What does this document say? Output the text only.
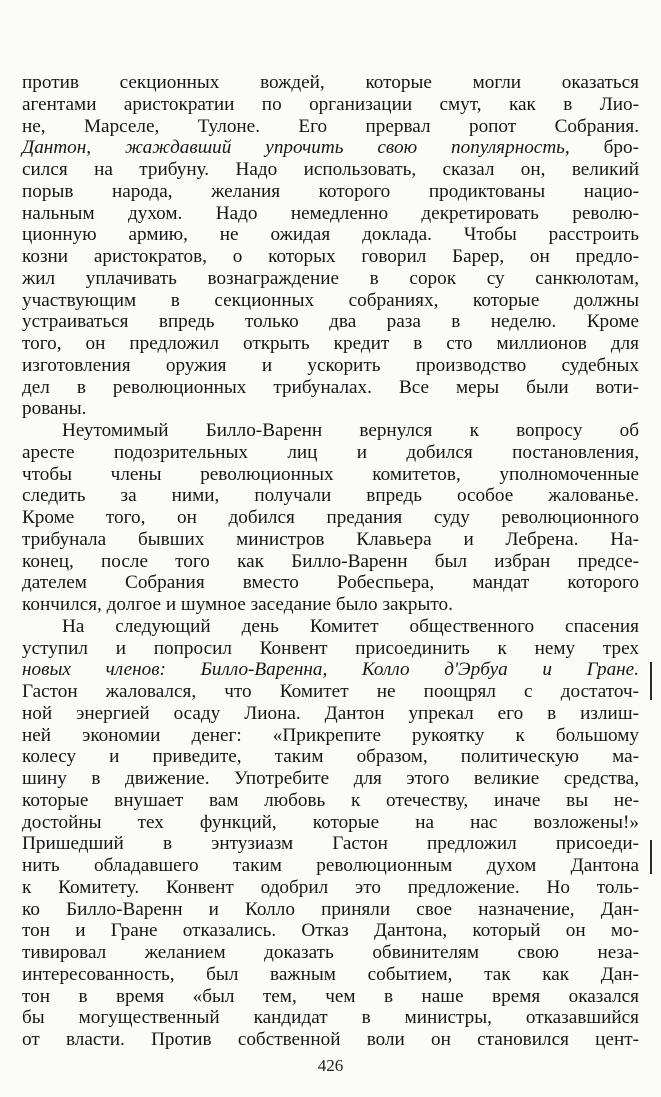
против секционных вождей, которые могли оказаться
агентами аристократии по организации смут, как в Лио-
не, Марселе, Тулоне. Его прервал ропот Собрания.
Дантон, жаждавший упрочить свою популярность, бро-
сился на трибуну. Надо использовать, сказал он, великий
порыв народа, желания которого продиктованы нацио-
нальным духом. Надо немедленно декретировать револю-
ционную армию, не ожидая доклада. Чтобы расстроить
козни аристократов, о которых говорил Барер, он предло-
жил уплачивать вознаграждение в сорок су санкюлотам,
участвующим в секционных собраниях, которые должны
устраиваться впредь только два раза в неделю. Кроме
того, он предложил открыть кредит в сто миллионов для
изготовления оружия и ускорить производство судебных
дел в революционных трибуналах. Все меры были воти-
рованы.
Неутомимый Билло-Варенн вернулся к вопросу об
аресте подозрительных лиц и добился постановления,
чтобы члены революционных комитетов, уполномоченные
следить за ними, получали впредь особое жалованье.
Кроме того, он добился предания суду революционного
трибунала бывших министров Клавьера и Лебрена. На-
конец, после того как Билло-Варенн был избран предсе-
дателем Собрания вместо Робеспьера, мандат которого
кончился, долгое и шумное заседание было закрыто.
На следующий день Комитет общественного спасения
уступил и попросил Конвент присоединить к нему трех
новых членов: Билло-Варенна, Колло д'Эрбуа и Гране.
Гастон жаловался, что Комитет не поощрял с достаточ-
ной энергией осаду Лиона. Дантон упрекал его в излиш-
ней экономии денег: «Прикрепите рукоятку к большому
колесу и приведите, таким образом, политическую ма-
шину в движение. Употребите для этого великие средства,
которые внушает вам любовь к отечеству, иначе вы не-
достойны тех функций, которые на нас возложены!»
Пришедший в энтузиазм Гастон предложил присоеди-
нить обладавшего таким революционным духом Дантона
к Комитету. Конвент одобрил это предложение. Но толь-
ко Билло-Варенн и Колло приняли свое назначение, Дан-
тон и Гране отказались. Отказ Дантона, который он мо-
тивировал желанием доказать обвинителям свою неза-
интересованность, был важным событием, так как Дан-
тон в время «был тем, чем в наше время оказался
бы могущественный кандидат в министры, отказавшийся
от власти. Против собственной воли он становился цент-
426
